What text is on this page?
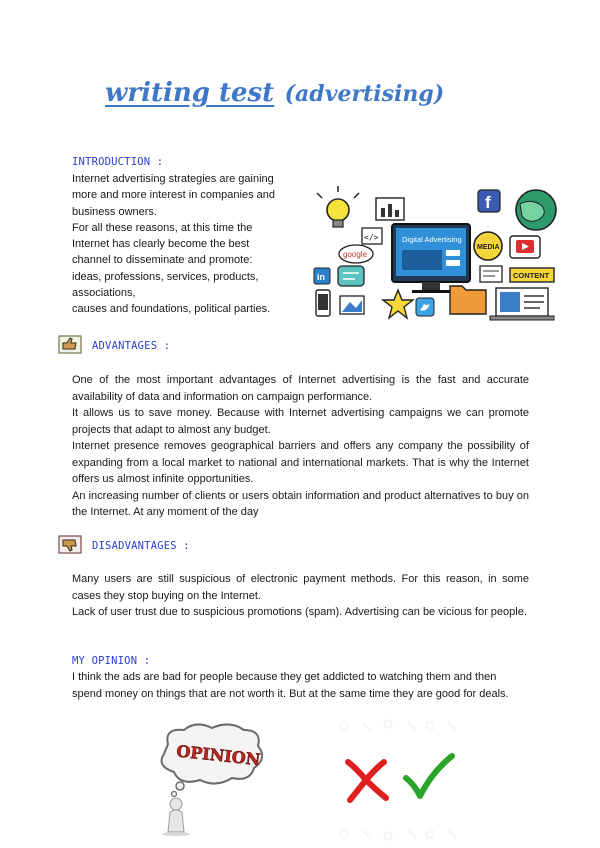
writing test (advertising)
INTRODUCTION :

Internet advertising strategies are gaining

more and more interest in companies and

business owners.

For all these reasons, at this time the

Internet has clearly become the best

channel to disseminate and promote:

ideas, professions, services, products,

associations,

causes and foundations, political parties.

f
</>
google
Digital Advertising
MEDIA
in	CONTENT
ADVANTAGES :

One of the most important advantages of Internet advertising is the fast and accurate availability of data and information on campaign performance.

It allows us to save money. Because with Internet advertising campaigns we can promote projects that adapt to almost any budget.

Internet presence removes geographical barriers and offers any company the possibility of expanding from a local market to national and international markets. That is why the Internet offers us almost infinite opportunities.

An increasing number of clients or users obtain information and product alternatives to buy on the Internet. At any moment of the day

DISADVANTAGES :

Many users are still suspicious of electronic payment methods. For this reason, in some cases they stop buying on the Internet.

Lack of user trust due to suspicious promotions (spam). Advertising can be vicious for people.

MY OPINION :

I think the ads are bad for people because they get addicted to watching them and then spend money on things that are not worth it. But at the same time they are good for deals.

OPINION
